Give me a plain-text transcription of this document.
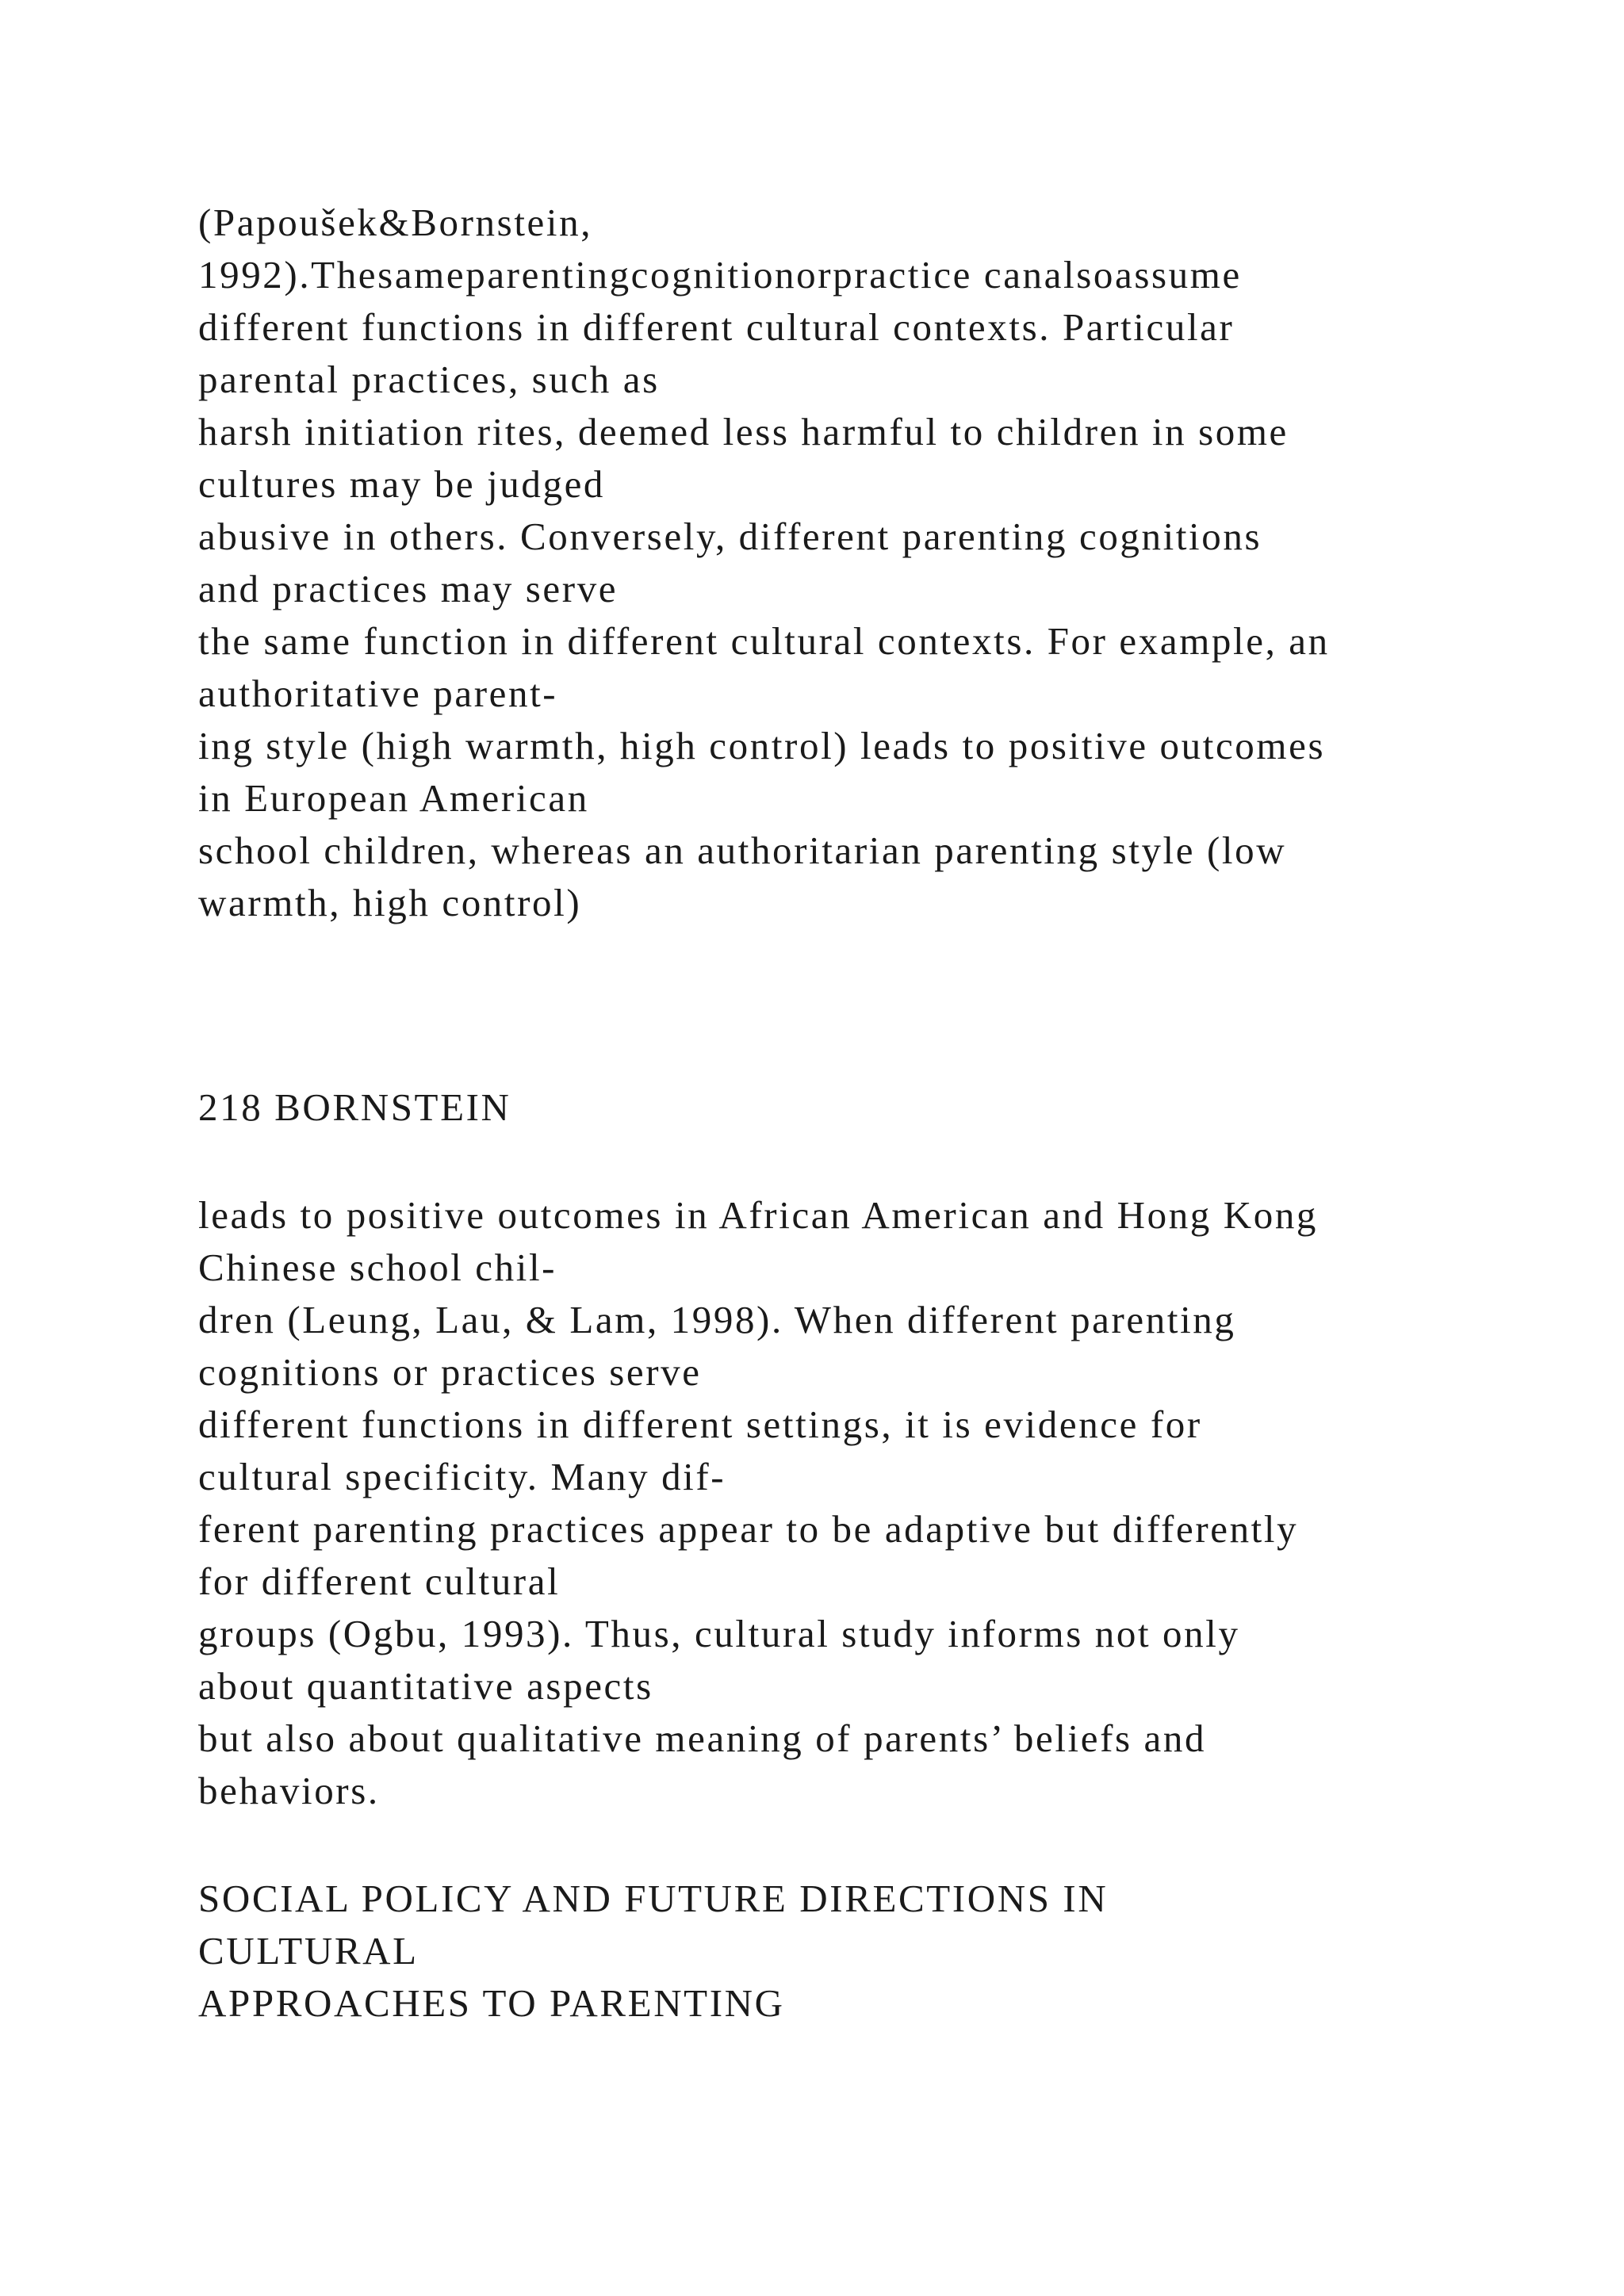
(Papoušek&Bornstein,
1992).Thesameparentingcognitionorpractice canalsoassume
different functions in different cultural contexts. Particular
parental practices, such as
harsh initiation rites, deemed less harmful to children in some
cultures may be judged
abusive in others. Conversely, different parenting cognitions
and practices may serve
the same function in different cultural contexts. For example, an
authoritative parent-
ing style (high warmth, high control) leads to positive outcomes
in European American
school children, whereas an authoritarian parenting style (low
warmth, high control)
218 BORNSTEIN
leads to positive outcomes in African American and Hong Kong
Chinese school chil-
dren (Leung, Lau, & Lam, 1998). When different parenting
cognitions or practices serve
different functions in different settings, it is evidence for
cultural specificity. Many dif-
ferent parenting practices appear to be adaptive but differently
for different cultural
groups (Ogbu, 1993). Thus, cultural study informs not only
about quantitative aspects
but also about qualitative meaning of parents’ beliefs and
behaviors.
SOCIAL POLICY AND FUTURE DIRECTIONS IN
CULTURAL
APPROACHES TO PARENTING
